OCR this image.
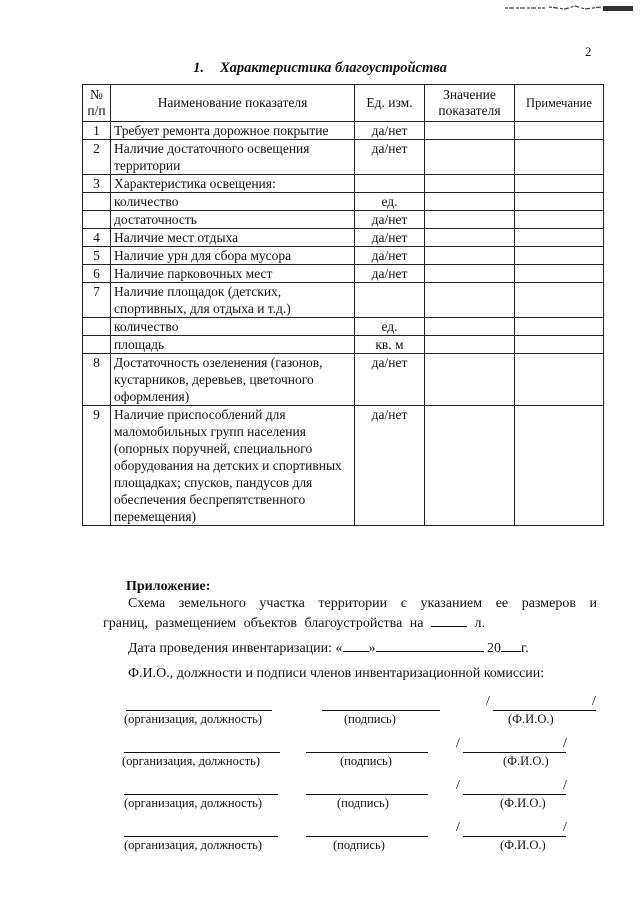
2
1. Характеристика благоустройства
№ п/п	Наименование показателя	Ед. изм.	Значение показателя	Примечание
1	Требует ремонта дорожное покрытие	да/нет		
2	Наличие достаточного освещения территории	да/нет		
3	Характеристика освещения:			
	количество	ед.		
	достаточность	да/нет		
4	Наличие мест отдыха	да/нет		
5	Наличие урн для сбора мусора	да/нет		
6	Наличие парковочных мест	да/нет		
7	Наличие площадок (детских, спортивных, для отдыха и т.д.)			
	количество	ед.		
	площадь	кв. м		
8	Достаточность озеленения (газонов, кустарников, деревьев, цветочного оформления)	да/нет		
9	Наличие приспособлений для маломобильных групп населения (опорных поручней, специального оборудования на детских и спортивных площадках; спусков, пандусов для обеспечения беспрепятственного перемещения)	да/нет		
Приложение:
Схема земельного участка территории с указанием ее размеров и границ, размещением объектов благоустройства на	л.
Дата проведения инвентаризации: « »	20 г.
Ф.И.О., должности и подписи членов инвентаризационной комиссии:
/	/
(организация, должность)	(подпись)	(Ф.И.О.)
/	/
(организация, должность)	(подпись)	(Ф.И.О.)
/	/
(организация, должность)	(подпись)	(Ф.И.О.)
/	/
(организация, должность)	(подпись)	(Ф.И.О.)
